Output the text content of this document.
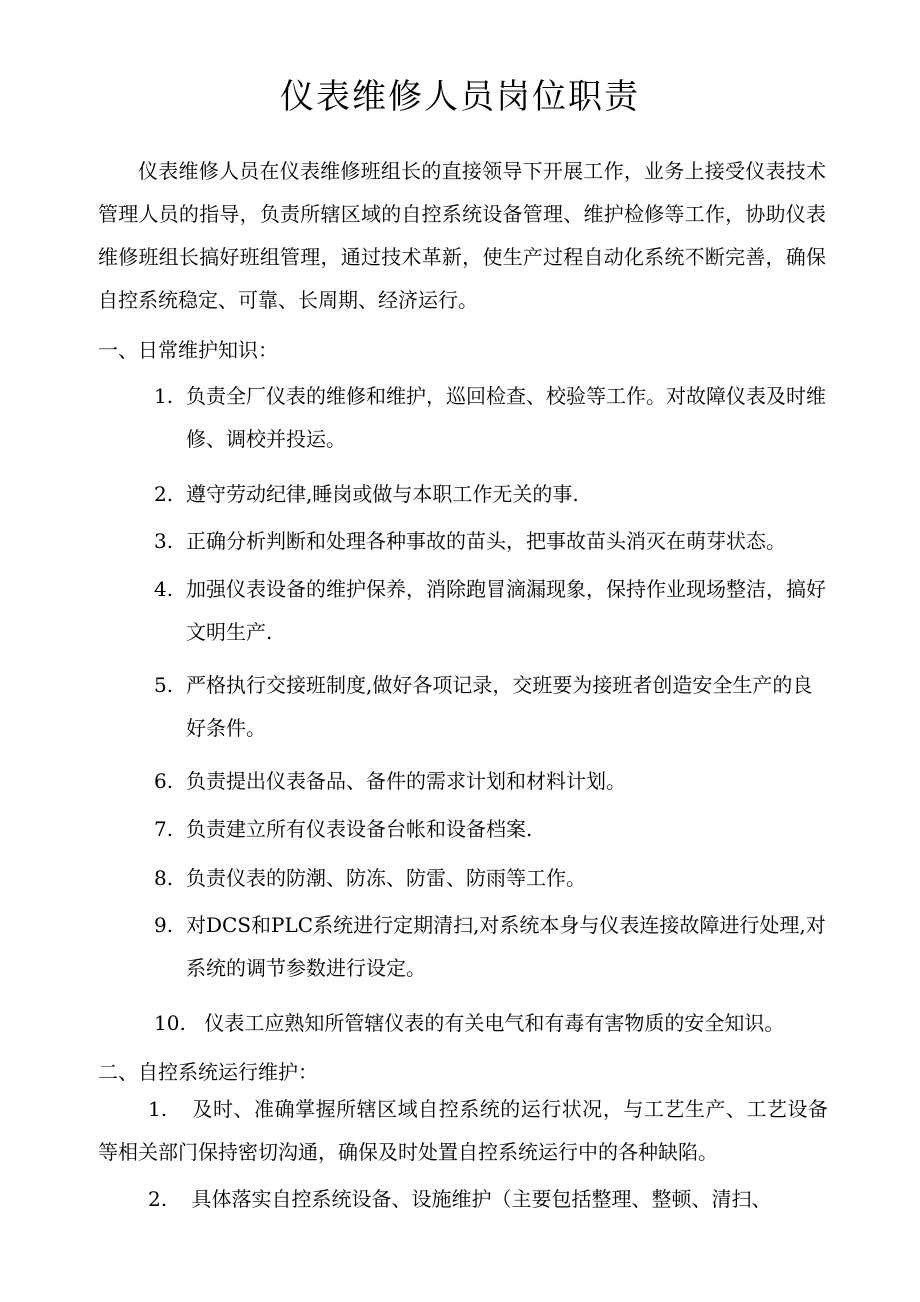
仪表维修人员岗位职责
仪表维修人员在仪表维修班组长的直接领导下开展工作，业务上接受仪表技术管理人员的指导，负责所辖区域的自控系统设备管理、维护检修等工作，协助仪表维修班组长搞好班组管理，通过技术革新，使生产过程自动化系统不断完善，确保自控系统稳定、可靠、长周期、经济运行。
一、日常维护知识：
1. 负责全厂仪表的维修和维护，巡回检查、校验等工作。对故障仪表及时维修、调校并投运。
2. 遵守劳动纪律,睡岗或做与本职工作无关的事.
3. 正确分析判断和处理各种事故的苗头，把事故苗头消灭在萌芽状态。
4. 加强仪表设备的维护保养，消除跑冒滴漏现象，保持作业现场整洁，搞好文明生产.
5. 严格执行交接班制度,做好各项记录，交班要为接班者创造安全生产的良好条件。
6. 负责提出仪表备品、备件的需求计划和材料计划。
7. 负责建立所有仪表设备台帐和设备档案.
8. 负责仪表的防潮、防冻、防雷、防雨等工作。
9. 对DCS和PLC系统进行定期清扫,对系统本身与仪表连接故障进行处理,对系统的调节参数进行设定。
10. 仪表工应熟知所管辖仪表的有关电气和有毒有害物质的安全知识。
二、自控系统运行维护：
1. 及时、准确掌握所辖区域自控系统的运行状况，与工艺生产、工艺设备等相关部门保持密切沟通，确保及时处置自控系统运行中的各种缺陷。
2. 具体落实自控系统设备、设施维护（主要包括整理、整顿、清扫、
